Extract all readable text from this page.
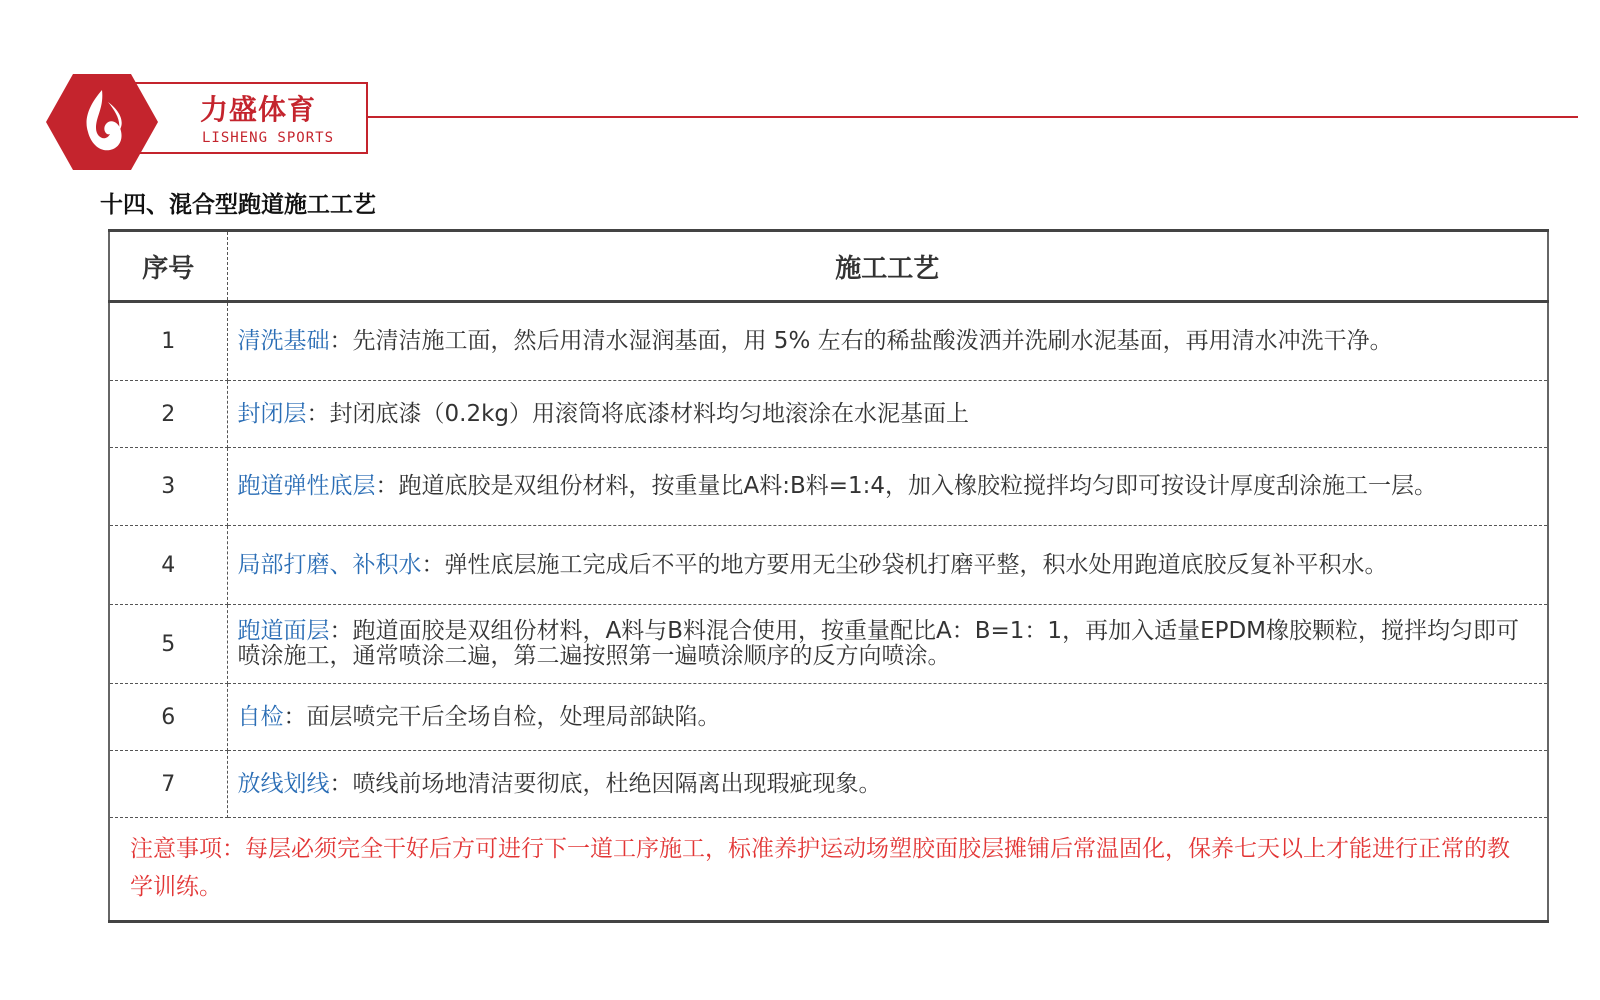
力盛体育
LISHENG SPORTS
十四、混合型跑道施工工艺
序号	施工工艺
1	清洗基础：先清洁施工面，然后用清水湿润基面，用 5% 左右的稀盐酸泼洒并洗刷水泥基面，再用清水冲洗干净。
2	封闭层：封闭底漆（0.2kg）用滚筒将底漆材料均匀地滚涂在水泥基面上
3	跑道弹性底层：跑道底胶是双组份材料，按重量比A料:B料=1:4，加入橡胶粒搅拌均匀即可按设计厚度刮涂施工一层。
4	局部打磨、补积水：弹性底层施工完成后不平的地方要用无尘砂袋机打磨平整，积水处用跑道底胶反复补平积水。
5	跑道面层：跑道面胶是双组份材料，A料与B料混合使用，按重量配比A：B=1：1，再加入适量EPDM橡胶颗粒，搅拌均匀即可喷涂施工，通常喷涂二遍，第二遍按照第一遍喷涂顺序的反方向喷涂。
6	自检：面层喷完干后全场自检，处理局部缺陷。
7	放线划线：喷线前场地清洁要彻底，杜绝因隔离出现瑕疵现象。
注意事项：每层必须完全干好后方可进行下一道工序施工，标准养护运动场塑胶面胶层摊铺后常温固化，保养七天以上才能进行正常的教学训练。	
